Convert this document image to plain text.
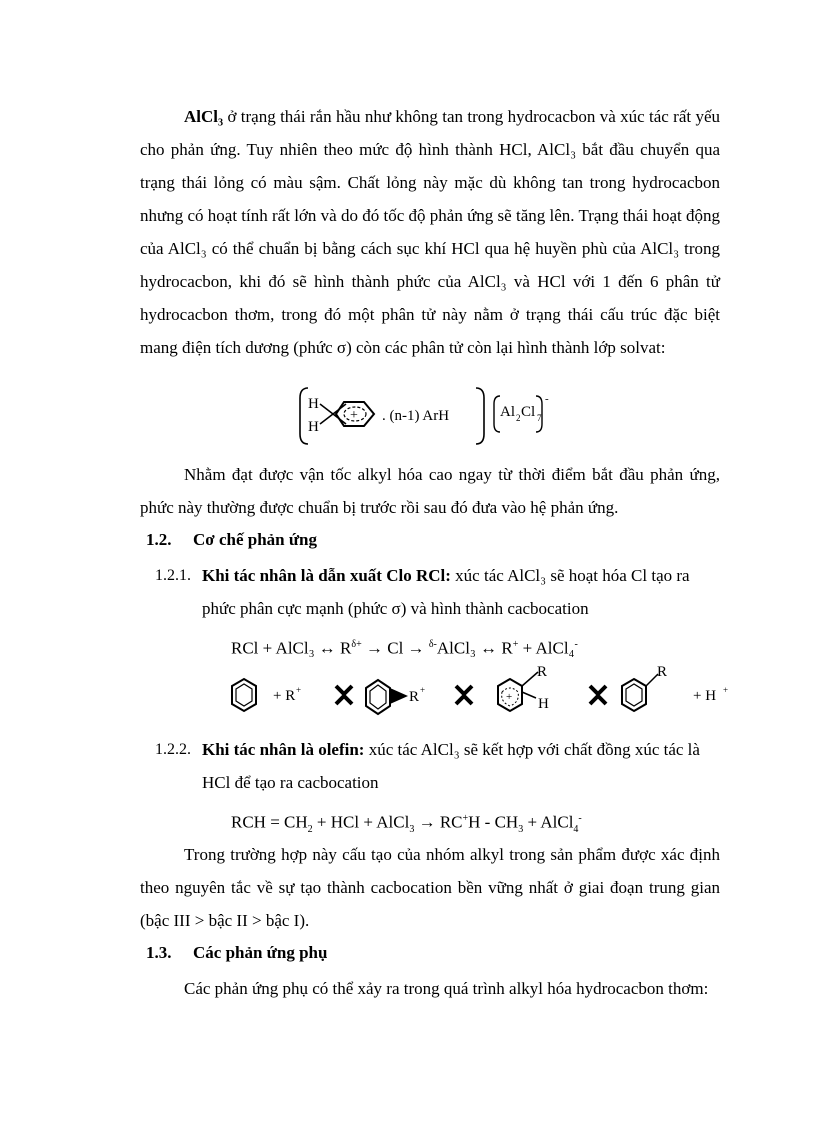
AlCl₃ ở trạng thái rắn hầu như không tan trong hydrocacbon và xúc tác rất yếu cho phản ứng. Tuy nhiên theo mức độ hình thành HCl, AlCl₃ bắt đầu chuyển qua trạng thái lỏng có màu sậm. Chất lỏng này mặc dù không tan trong hydrocacbon nhưng có hoạt tính rất lớn và do đó tốc độ phản ứng sẽ tăng lên. Trạng thái hoạt động của AlCl₃ có thể chuẩn bị bằng cách sục khí HCl qua hệ huyền phù của AlCl₃ trong hydrocacbon, khi đó sẽ hình thành phức của AlCl₃ và HCl với 1 đến 6 phân tử hydrocacbon thơm, trong đó một phân tử này nằm ở trạng thái cấu trúc đặc biệt mang điện tích dương (phức σ) còn các phân tử còn lại hình thành lớp solvat:

H
H
+ . (n-1) ArH	Al 2 Cl 7
-

Nhằm đạt được vận tốc alkyl hóa cao ngay từ thời điểm bắt đầu phản ứng, phức này thường được chuẩn bị trước rồi sau đó đưa vào hệ phản ứng.

1.2. Cơ chế phản ứng
1.2.1. Khi tác nhân là dẫn xuất Clo RCl: xúc tác AlCl₃ sẽ hoạt hóa Cl tạo ra
phức phân cực mạnh (phức σ) và hình thành cacbocation
RCl + AlCl₃ ↔ $R^{\delta+} \to Cl$ → $^{\delta-}$AlCl₃ ↔ R+ + AlCl₄-
+ R +	R +
+
R
H
R
+ H +
1.2.2. Khi tác nhân là olefin: xúc tác AlCl₃ sẽ kết hợp với chất đồng xúc tác là
HCl để tạo ra cacbocation
RCH = $CH_2$ + HCl + AlCl$_3$ → $RC^+H - CH_3$ + AlCl$_4$-

Trong trường hợp này cấu tạo của nhóm alkyl trong sản phẩm được xác định theo nguyên tắc về sự tạo thành cacbocation bền vững nhất ở giai đoạn trung gian (bậc III > bậc II > bậc I).

1.3. Các phản ứng phụ

Các phản ứng phụ có thể xảy ra trong quá trình alkyl hóa hydrocacbon thơm:
